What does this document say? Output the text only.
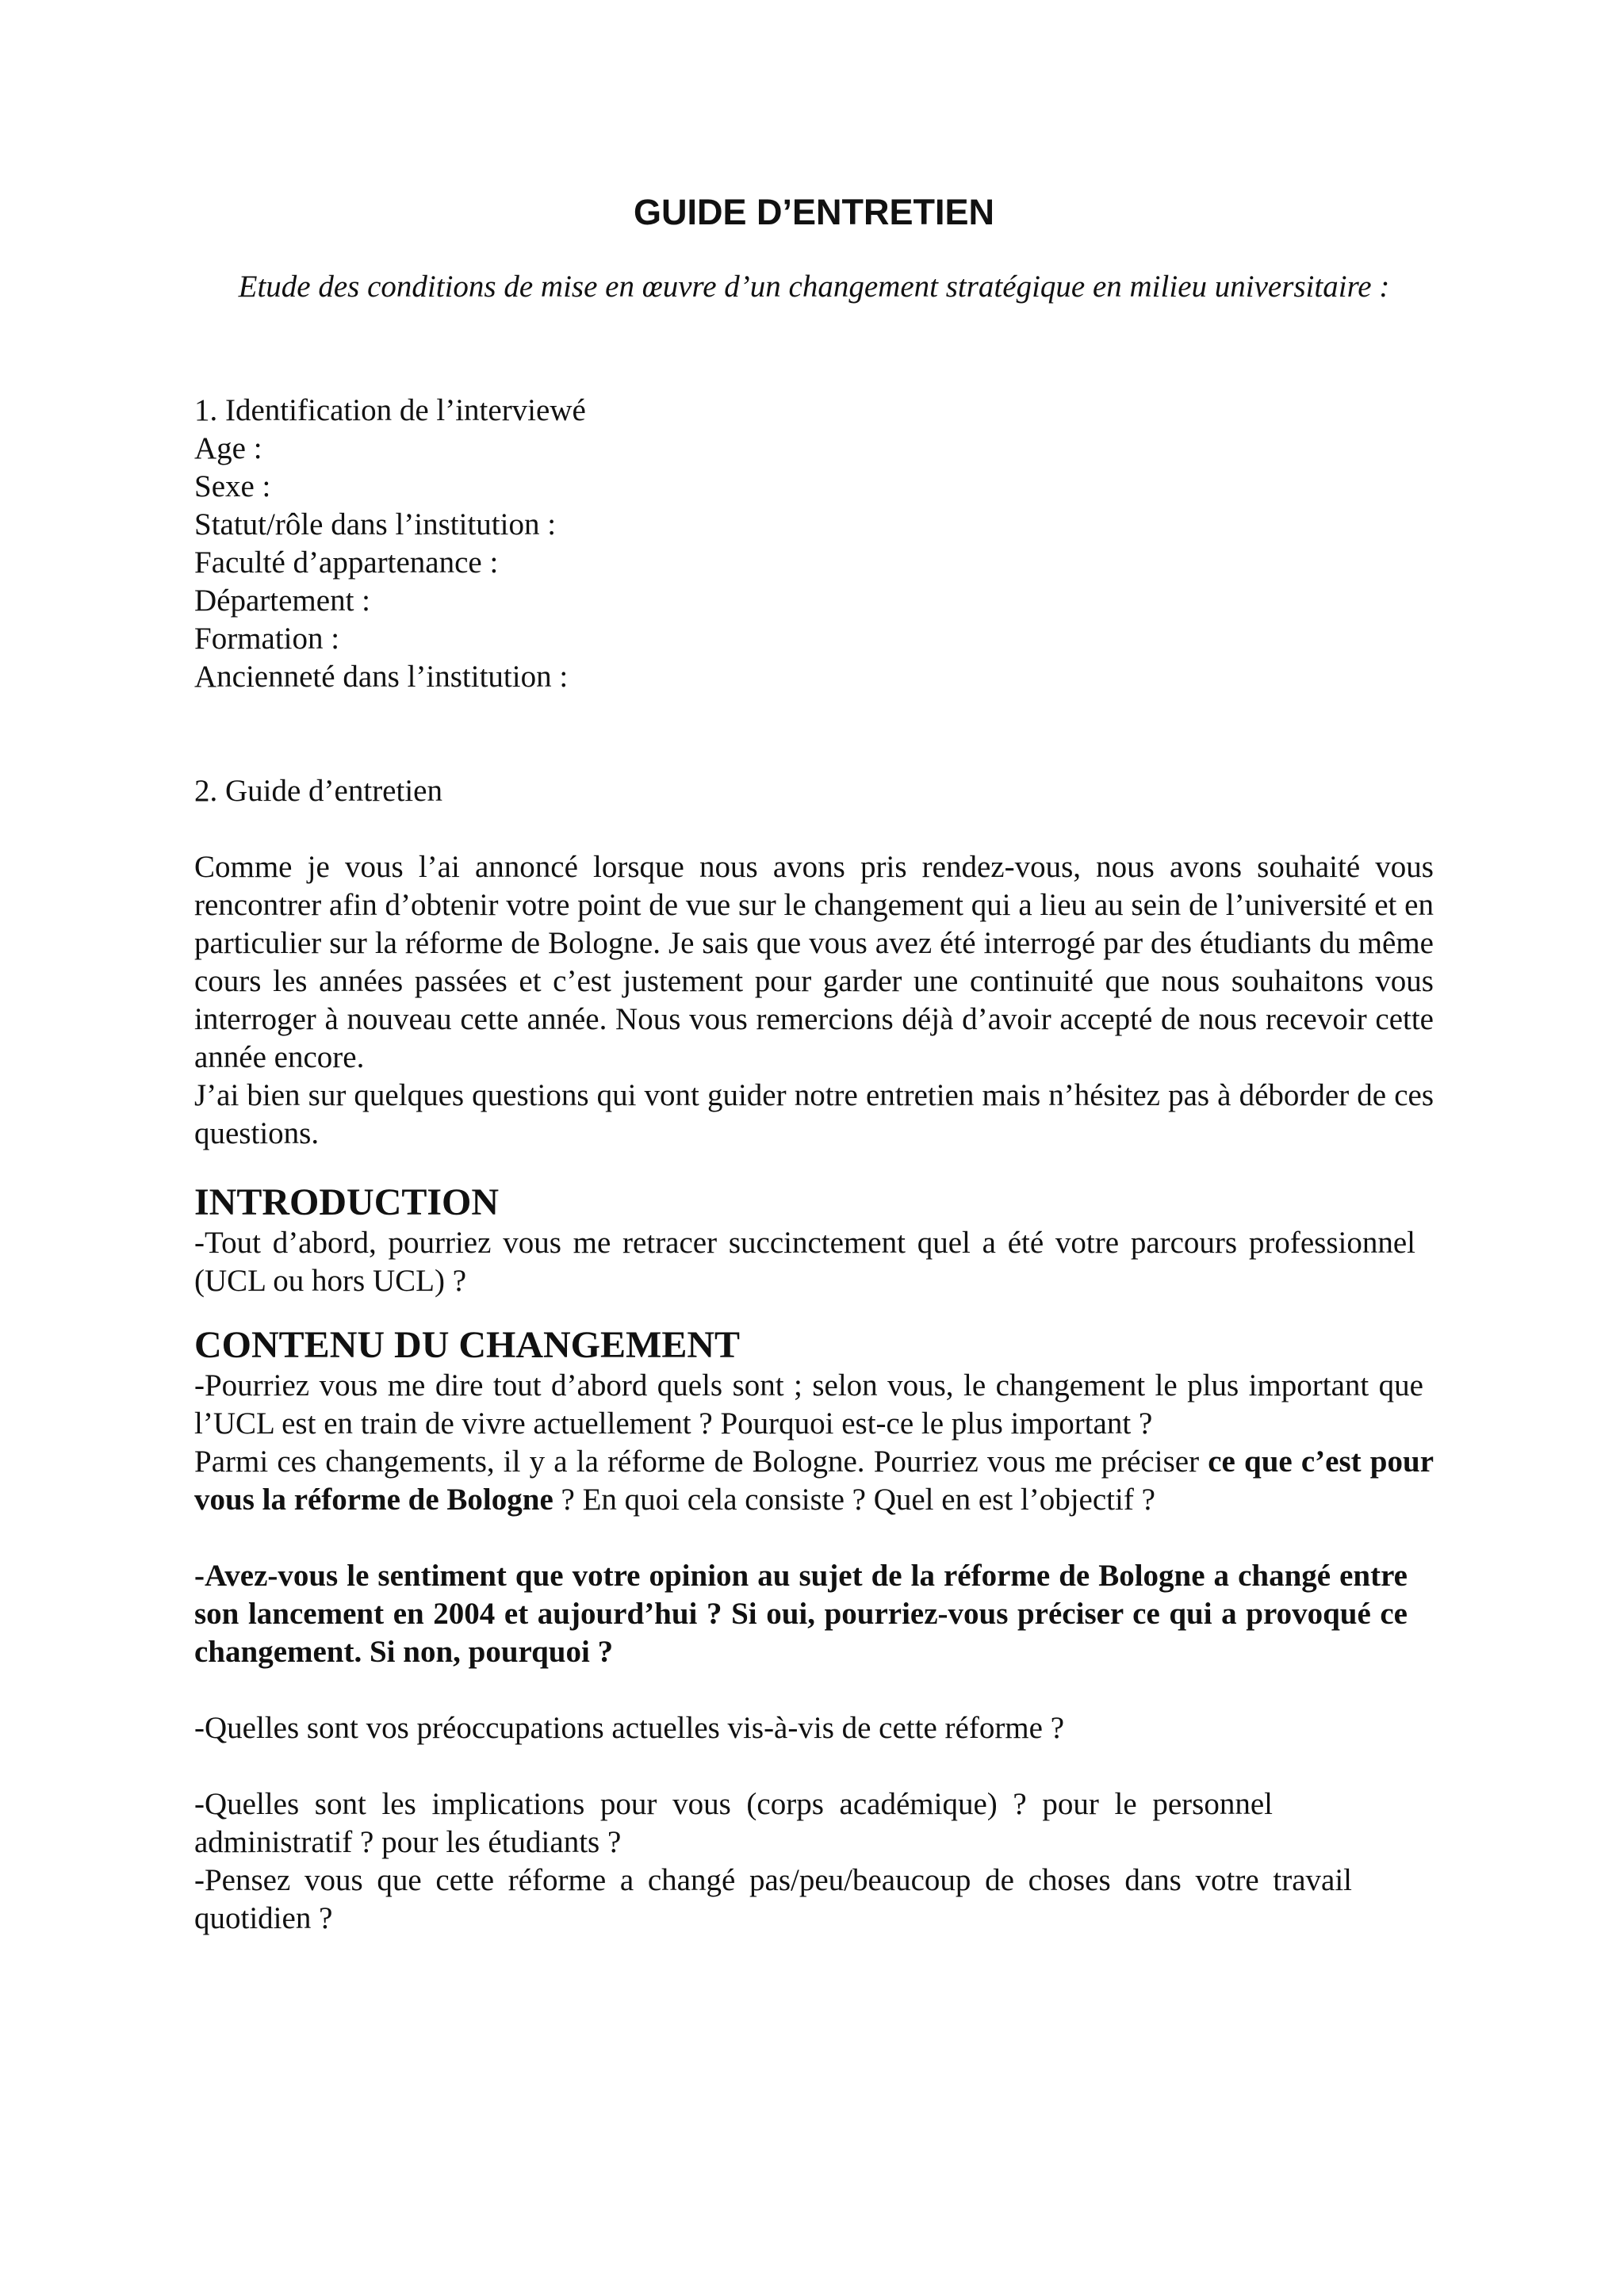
GUIDE D’ENTRETIEN
Etude des conditions de mise en œuvre d’un changement stratégique en milieu universitaire :
1. Identification de l’interviewé
Age :
Sexe :
Statut/rôle dans l’institution :
Faculté d’appartenance :
Département :
Formation :
Ancienneté dans l’institution :
2. Guide d’entretien

Comme je vous l’ai annoncé lorsque nous avons pris rendez-vous, nous avons souhaité vous rencontrer afin d’obtenir votre point de vue sur le changement qui a lieu au sein de l’université et en particulier sur la réforme de Bologne. Je sais que vous avez été interrogé par des étudiants du même cours les années passées et c’est justement pour garder une continuité que nous souhaitons vous interroger à nouveau cette année. Nous vous remercions déjà d’avoir accepté de nous recevoir cette année encore.

J’ai bien sur quelques questions qui vont guider notre entretien mais n’hésitez pas à déborder de ces questions.

INTRODUCTION

-Tout d’abord, pourriez vous me retracer succinctement quel a été votre parcours professionnel (UCL ou hors UCL) ?

CONTENU DU CHANGEMENT

-Pourriez vous me dire tout d’abord quels sont ; selon vous, le changement le plus important que l’UCL est en train de vivre actuellement ? Pourquoi est-ce le plus important ?

Parmi ces changements, il y a la réforme de Bologne. Pourriez vous me préciser ce que c’est pour vous la réforme de Bologne ? En quoi cela consiste ? Quel en est l’objectif ?

-Avez-vous le sentiment que votre opinion au sujet de la réforme de Bologne a changé entre son lancement en 2004 et aujourd’hui ? Si oui, pourriez-vous préciser ce qui a provoqué ce changement. Si non, pourquoi ?

-Quelles sont vos préoccupations actuelles vis-à-vis de cette réforme ?

-Quelles sont les implications pour vous (corps académique) ? pour le personnel administratif ? pour les étudiants ?

-Pensez vous que cette réforme a changé pas/peu/beaucoup de choses dans votre travail quotidien ?
